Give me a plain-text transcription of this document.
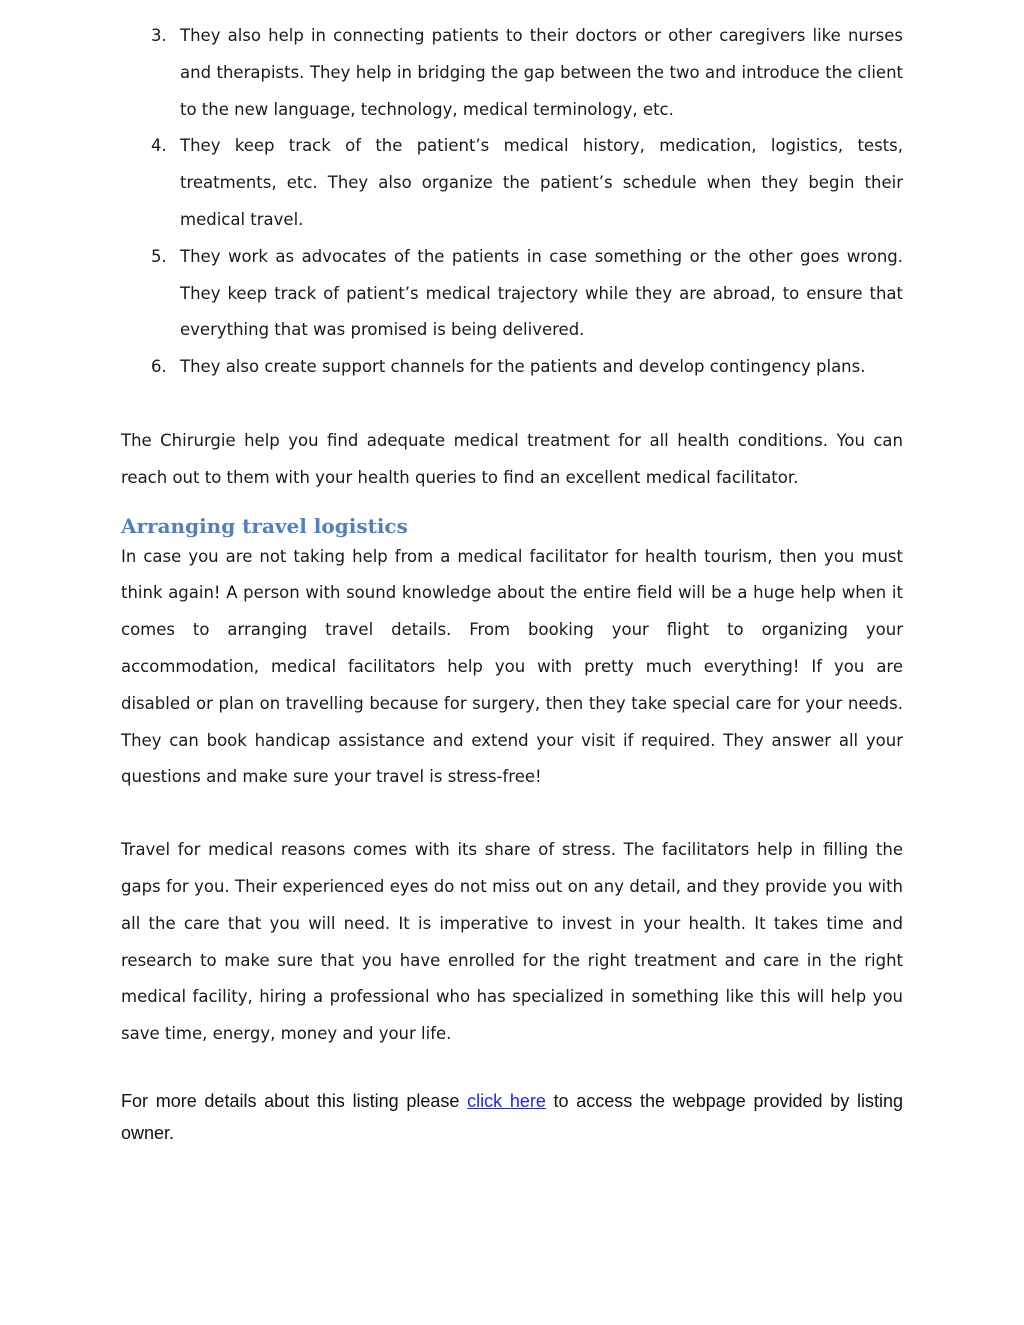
3. They also help in connecting patients to their doctors or other caregivers like nurses and therapists. They help in bridging the gap between the two and introduce the client to the new language, technology, medical terminology, etc.
4. They keep track of the patient’s medical history, medication, logistics, tests, treatments, etc. They also organize the patient’s schedule when they begin their medical travel.
5. They work as advocates of the patients in case something or the other goes wrong. They keep track of patient’s medical trajectory while they are abroad, to ensure that everything that was promised is being delivered.
6. They also create support channels for the patients and develop contingency plans.

The Chirurgie help you find adequate medical treatment for all health conditions. You can reach out to them with your health queries to find an excellent medical facilitator.

Arranging travel logistics

In case you are not taking help from a medical facilitator for health tourism, then you must think again! A person with sound knowledge about the entire field will be a huge help when it comes to arranging travel details. From booking your flight to organizing your accommodation, medical facilitators help you with pretty much everything! If you are disabled or plan on travelling because for surgery, then they take special care for your needs. They can book handicap assistance and extend your visit if required. They answer all your questions and make sure your travel is stress-free!

Travel for medical reasons comes with its share of stress. The facilitators help in filling the gaps for you. Their experienced eyes do not miss out on any detail, and they provide you with all the care that you will need. It is imperative to invest in your health. It takes time and research to make sure that you have enrolled for the right treatment and care in the right medical facility, hiring a professional who has specialized in something like this will help you save time, energy, money and your life.

For more details about this listing please click here to access the webpage provided by listing owner.
